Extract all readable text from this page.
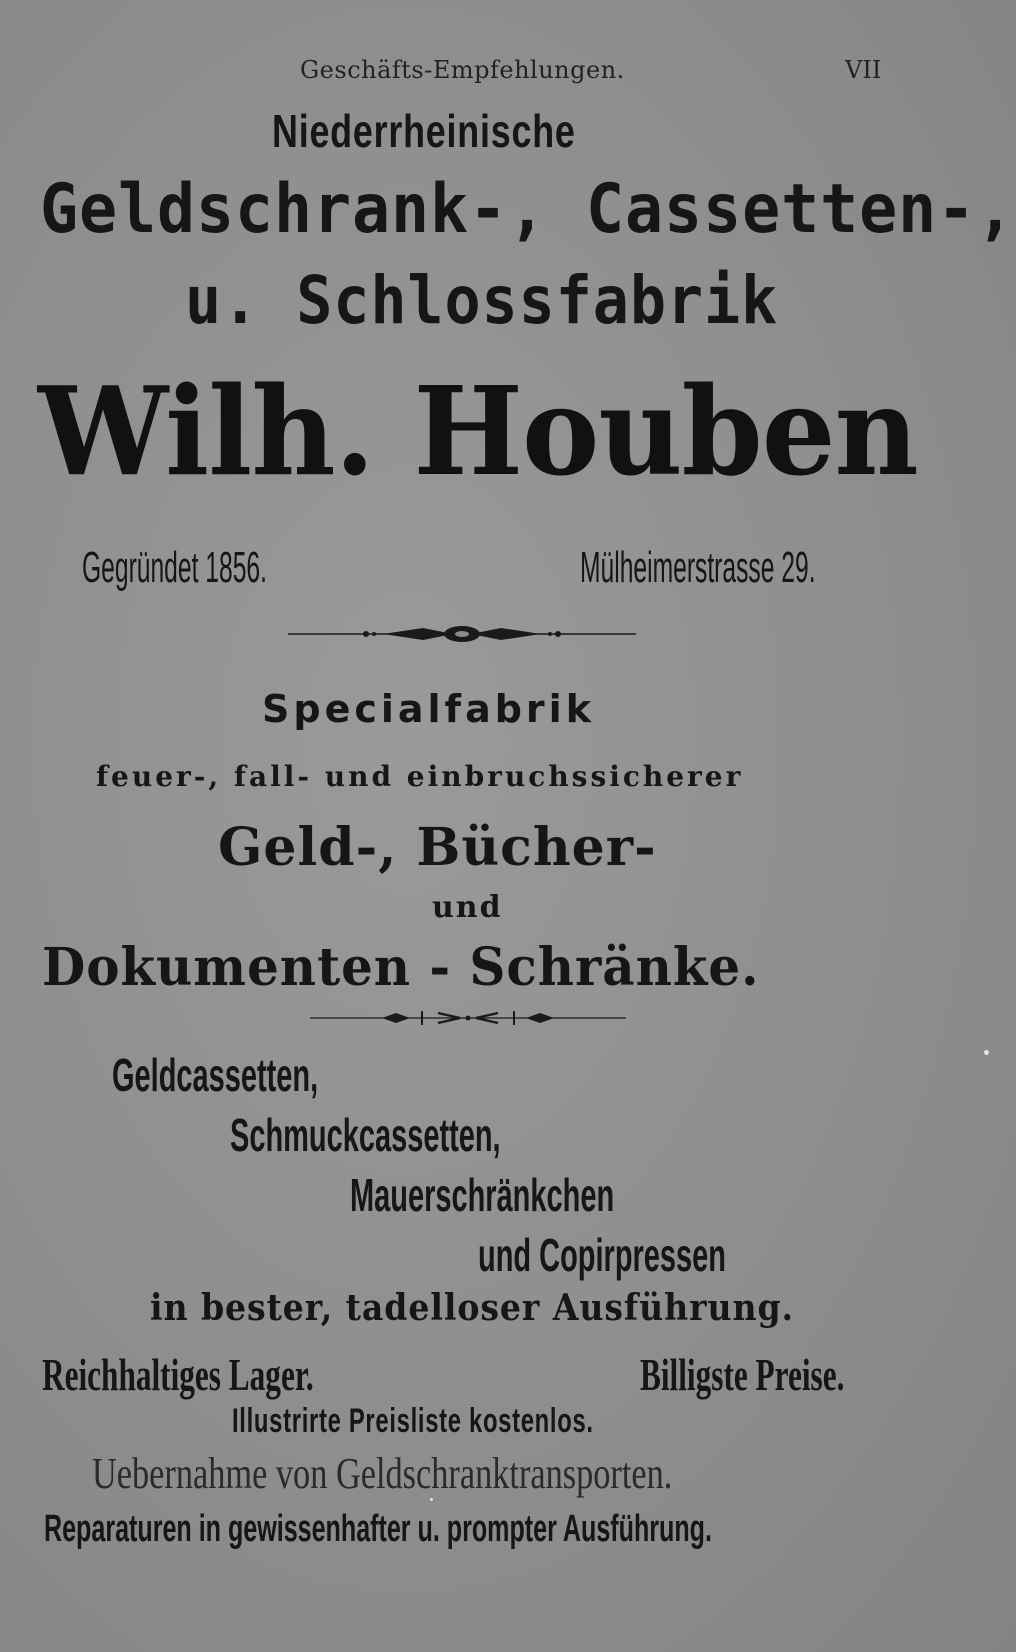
Geschäfts-Empfehlungen.	VII
Niederrheinische
Geldschrank-, Cassetten-,
u. Schlossfabrik
Wilh. Houben
Gegründet 1856.	Mülheimerstrasse 29.
Specialfabrik
feuer-, fall- und einbruchssicherer
Geld-, Bücher-
und
Dokumenten - Schränke.
Geldcassetten,
Schmuckcassetten,
Mauerschränkchen
und Copirpressen
in bester, tadelloser Ausführung.
Reichhaltiges Lager.	Billigste Preise.
Illustrirte Preisliste kostenlos.
Uebernahme von Geldschranktransporten.
Reparaturen in gewissenhafter u. prompter Ausführung.
